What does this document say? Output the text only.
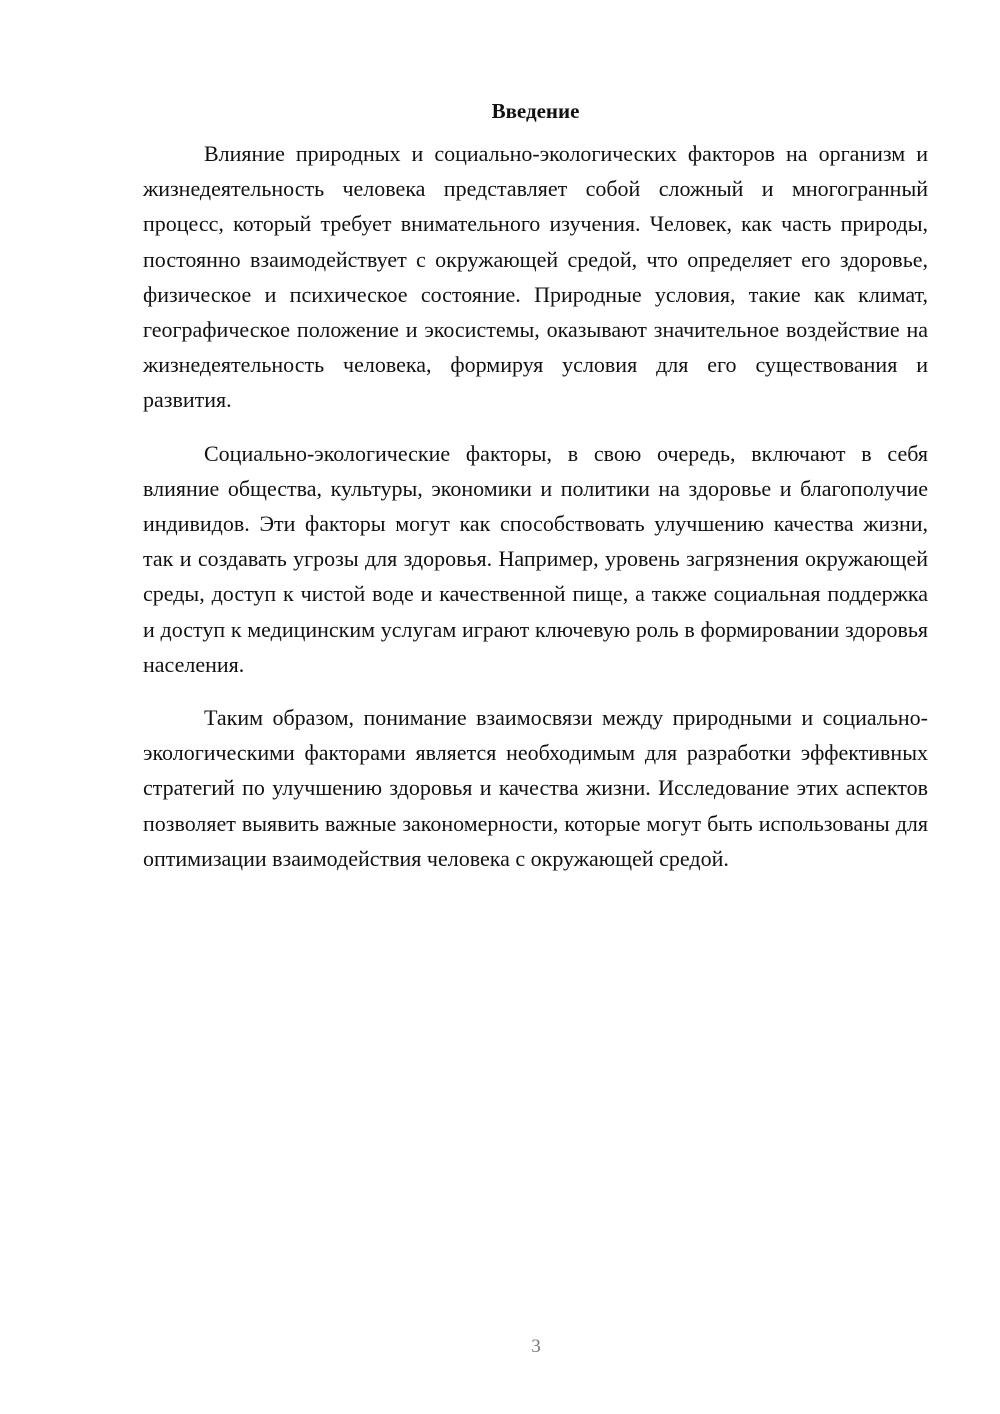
Введение

Влияние природных и социально-экологических факторов на организм и жизнедеятельность человека представляет собой сложный и многогранный процесс, который требует внимательного изучения. Человек, как часть природы, постоянно взаимодействует с окружающей средой, что определяет его здоровье, физическое и психическое состояние. Природные условия, такие как климат, географическое положение и экосистемы, оказывают значительное воздействие на жизнедеятельность человека, формируя условия для его существования и развития.

Социально-экологические факторы, в свою очередь, включают в себя влияние общества, культуры, экономики и политики на здоровье и благополучие индивидов. Эти факторы могут как способствовать улучшению качества жизни, так и создавать угрозы для здоровья. Например, уровень загрязнения окружающей среды, доступ к чистой воде и качественной пище, а также социальная поддержка и доступ к медицинским услугам играют ключевую роль в формировании здоровья населения.

Таким образом, понимание взаимосвязи между природными и социально-экологическими факторами является необходимым для разработки эффективных стратегий по улучшению здоровья и качества жизни. Исследование этих аспектов позволяет выявить важные закономерности, которые могут быть использованы для оптимизации взаимодействия человека с окружающей средой.

3
